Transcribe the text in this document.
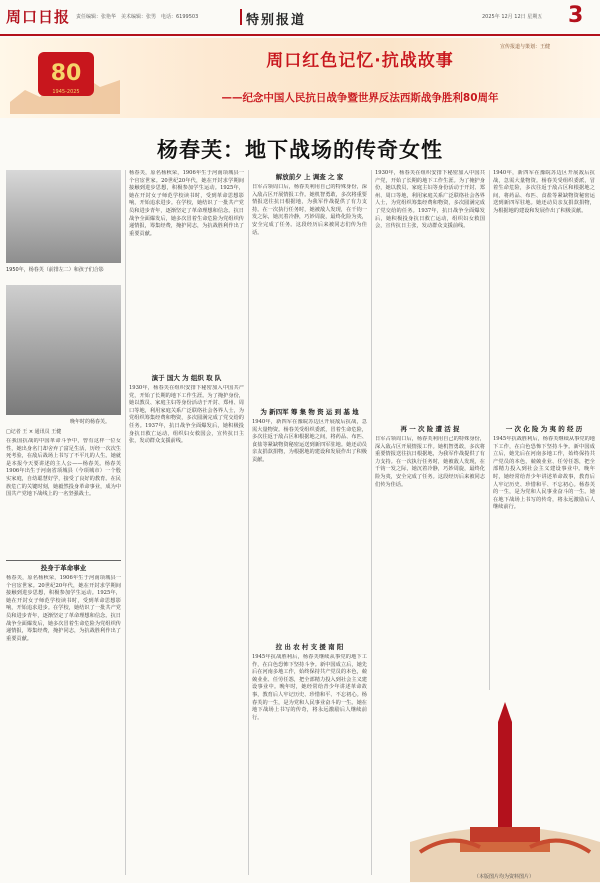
周口日报 责任编辑：张艳华　美术编辑：张男　电话：6199503	特别报道	2025年 12月 12日 星期五 3
80
1945-2025
宣传报道与策划：王健
周口红色记忆·抗战故事
——纪念中国人民抗日战争暨世界反法西斯战争胜利80周年
杨春芙：地下战场的传奇女性
1950年，杨春芙（前排左二）和孩子们合影
晚年时的杨春芙。
□记者 王 × 通讯员 王健
在我国抗战的中国革命斗争中，曾有这样一位女性，她出身名门却舍弃了富足生活，历经一次次生死考验，在敌后战场上书写了不平凡的人生。她就是本报今天要讲述的主人公——杨春芙。杨春芙1906年出生于河南省项城县（今项城市）一个殷实家庭，自幼聪慧好学，接受了良好的教育。在民族危亡的关键时刻，她毅然投身革命事业，成为中国共产党地下战线上的一名坚强战士。
投身于革命事业
杨春芙，原名杨秋荣，1906年生于河南项城县一个官宦世家。20世纪20年代，她在开封求学期间接触到进步思想，积极参加学生运动。1925年，她在开封女子师范学校读书时，受到革命思想影响，开始追求进步。在学校，她结识了一批共产党员和进步青年，逐渐坚定了革命理想和信念。抗日战争全面爆发后，她多次冒着生命危险为党组织传递情报，筹集经费，掩护同志，为抗战胜利作出了重要贡献。
杨春芙，原名杨秋荣，1906年生于河南项城县一个官宦世家。20世纪20年代，她在开封求学期间接触到进步思想，积极参加学生运动。1925年，她在开封女子师范学校读书时，受到革命思想影响，开始追求进步。在学校，她结识了一批共产党员和进步青年，逐渐坚定了革命理想和信念。抗日战争全面爆发后，她多次冒着生命危险为党组织传递情报，筹集经费，掩护同志，为抗战胜利作出了重要贡献。
演于 国大 为 组织 取 队
1930年，杨春芙在组织安排下秘密加入中国共产党，开始了长期的地下工作生涯。为了掩护身份，她以教员、家庭主妇等身份活动于开封、郑州、周口等地，利用家庭关系广泛联络社会各界人士，为党组织筹集经费和物资，多次圆满完成了党交给的任务。1937年，抗日战争全面爆发后，她积极投身抗日救亡运动，组织妇女救国会，宣传抗日主张，发动群众支援前线。
解放前夕 上 调查 之 家
日军占领周口后，杨春芙利用自己的特殊身份，深入敌占区开展情报工作。她机智勇敢，多次将重要情报送往抗日根据地，为我军作战提供了有力支持。在一次执行任务时，她被敌人发现，在千钧一发之际，她沉着冷静，巧妙周旋，最终化险为夷，安全完成了任务。这段经历后来被同志们传为佳话。
为 新四军 筹 集 物 资 运 到 基 地
1940年，新四军在豫皖苏边区开展敌后抗战，急需大量物资。杨春芙受组织委派，冒着生命危险，多次往返于敌占区和根据地之间，将药品、布匹、食盐等紧缺物资秘密运送到新四军驻地。她还动员亲友捐款捐物，为根据地的建设和发展作出了积极贡献。
拉 出 农 村 支 援 南 阳
1945年抗战胜利后，杨春芙继续从事党的地下工作，在白色恐怖下坚持斗争。新中国成立后，她先后在河南多地工作，始终保持共产党员的本色，兢兢业业、任劳任怨，把全部精力投入到社会主义建设事业中。晚年时，她经常给青少年讲述革命故事，教育后人牢记历史、珍惜和平、不忘初心。杨春芙的一生，是为党和人民事业奋斗的一生。她在地下战场上书写的传奇，将永远激励后人继续前行。
1930年，杨春芙在组织安排下秘密加入中国共产党，开始了长期的地下工作生涯。为了掩护身份，她以教员、家庭主妇等身份活动于开封、郑州、周口等地，利用家庭关系广泛联络社会各界人士，为党组织筹集经费和物资，多次圆满完成了党交给的任务。1937年，抗日战争全面爆发后，她积极投身抗日救亡运动，组织妇女救国会，宣传抗日主张，发动群众支援前线。
再 一 次 险 遭 活 捉
日军占领周口后，杨春芙利用自己的特殊身份，深入敌占区开展情报工作。她机智勇敢，多次将重要情报送往抗日根据地，为我军作战提供了有力支持。在一次执行任务时，她被敌人发现，在千钧一发之际，她沉着冷静，巧妙周旋，最终化险为夷，安全完成了任务。这段经历后来被同志们传为佳话。
1940年，新四军在豫皖苏边区开展敌后抗战，急需大量物资。杨春芙受组织委派，冒着生命危险，多次往返于敌占区和根据地之间，将药品、布匹、食盐等紧缺物资秘密运送到新四军驻地。她还动员亲友捐款捐物，为根据地的建设和发展作出了积极贡献。
一 次 化 险 为 夷 的 经 历
1945年抗战胜利后，杨春芙继续从事党的地下工作，在白色恐怖下坚持斗争。新中国成立后，她先后在河南多地工作，始终保持共产党员的本色，兢兢业业、任劳任怨，把全部精力投入到社会主义建设事业中。晚年时，她经常给青少年讲述革命故事，教育后人牢记历史、珍惜和平、不忘初心。杨春芙的一生，是为党和人民事业奋斗的一生。她在地下战场上书写的传奇，将永远激励后人继续前行。
（本版图片均为资料图片）
